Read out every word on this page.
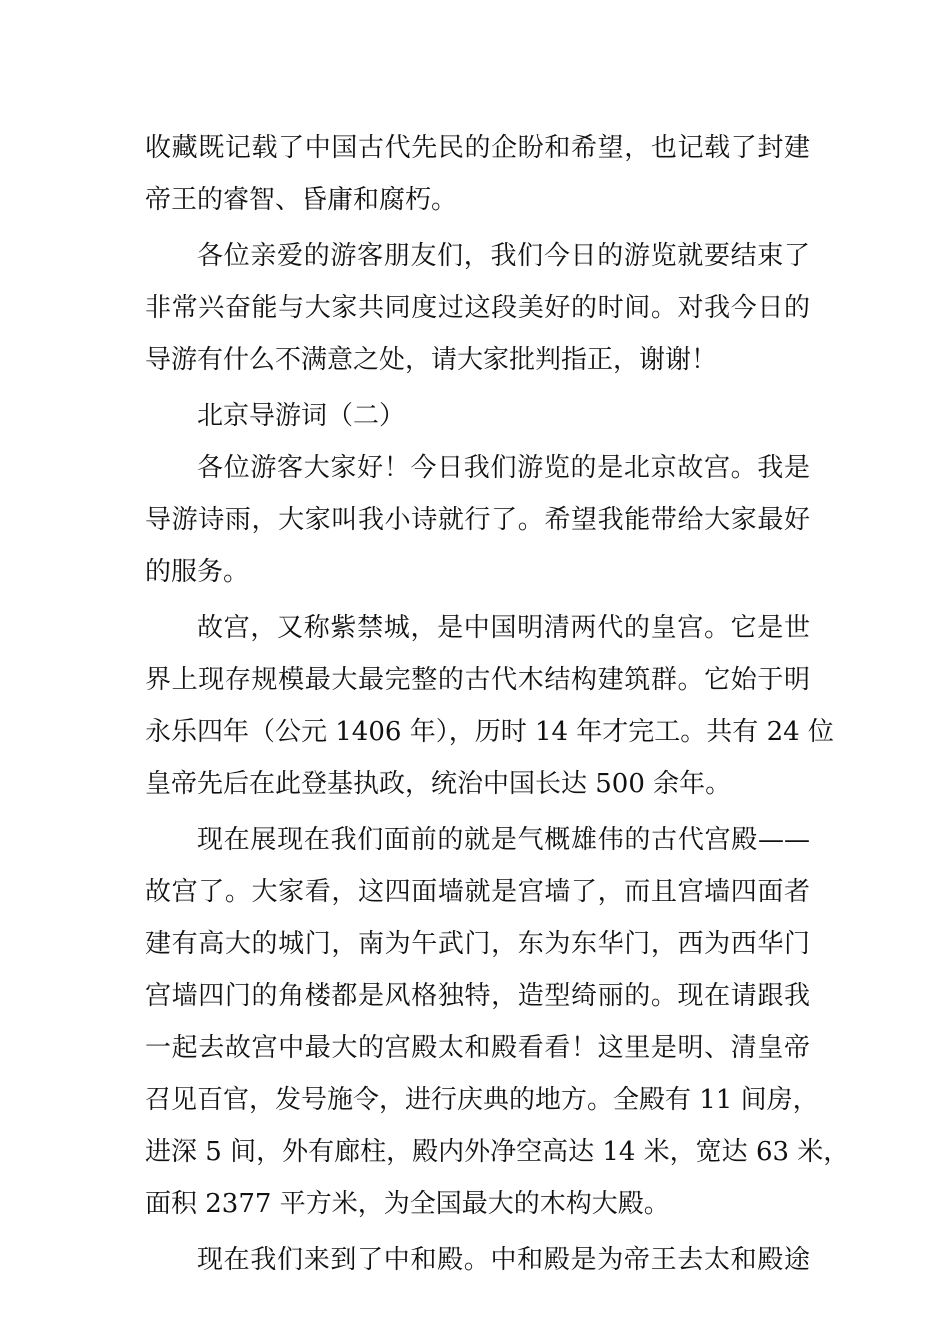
收藏既记载了中国古代先民的企盼和希望，也记载了封建
帝王的睿智、昏庸和腐朽。
各位亲爱的游客朋友们，我们今日的游览就要结束了
非常兴奋能与大家共同度过这段美好的时间。对我今日的
导游有什么不满意之处，请大家批判指正，谢谢！
北京导游词（二）
各位游客大家好！今日我们游览的是北京故宫。我是
导游诗雨，大家叫我小诗就行了。希望我能带给大家最好
的服务。
故宫，又称紫禁城，是中国明清两代的皇宫。它是世
界上现存规模最大最完整的古代木结构建筑群。它始于明
永乐四年（公元 1406 年），历时 14 年才完工。共有 24 位
皇帝先后在此登基执政，统治中国长达 500 余年。
现在展现在我们面前的就是气概雄伟的古代宫殿——
故宫了。大家看，这四面墙就是宫墙了，而且宫墙四面者
建有高大的城门，南为午武门，东为东华门，西为西华门
宫墙四门的角楼都是风格独特，造型绮丽的。现在请跟我
一起去故宫中最大的宫殿太和殿看看！这里是明、清皇帝
召见百官，发号施令，进行庆典的地方。全殿有 11 间房，
进深 5 间，外有廊柱，殿内外净空高达 14 米，宽达 63 米，
面积 2377 平方米，为全国最大的木构大殿。
现在我们来到了中和殿。中和殿是为帝王去太和殿途
